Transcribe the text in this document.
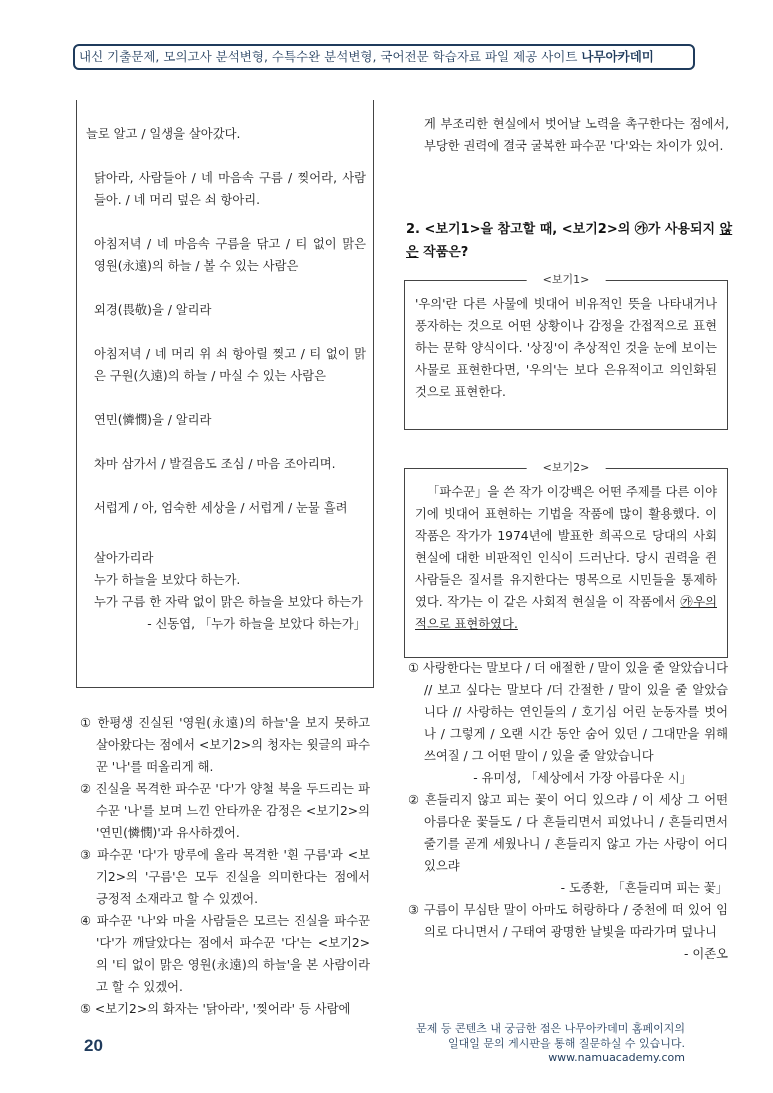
내신 기출문제, 모의고사 분석변형, 수특수완 분석변형, 국어전문 학습자료 파일 제공 사이트 나무아카데미

늘로 알고 / 일생을 살아갔다.

닭아라, 사람들아 / 네 마음속 구름 / 찢어라, 사람들아. / 네 머리 덮은 쇠 항아리.

아침저녁 / 네 마음속 구름을 닦고 / 티 없이 맑은 영원(永遠)의 하늘 / 볼 수 있는 사람은

외경(畏敬)을 / 알리라

아침저녁 / 네 머리 위 쇠 항아릴 찢고 / 티 없이 맑은 구원(久遠)의 하늘 / 마실 수 있는 사람은

연민(憐憫)을 / 알리라

차마 삼가서 / 발걸음도 조심 / 마음 조아리며.

서럽게 / 아, 엄숙한 세상을 / 서럽게 / 눈물 흘려

살아가리라

누가 하늘을 보았다 하는가.

누가 구름 한 자락 없이 맑은 하늘을 보았다 하는가

- 신동엽, 「누가 하늘을 보았다 하는가」

① 한평생 진실된 '영원(永遠)의 하늘'을 보지 못하고 살아왔다는 점에서 <보기2>의 청자는 윗글의 파수꾼 '나'를 떠올리게 해.
② 진실을 목격한 파수꾼 '다'가 양철 북을 두드리는 파수꾼 '나'를 보며 느낀 안타까운 감정은 <보기2>의 '연민(憐憫)'과 유사하겠어.
③ 파수꾼 '다'가 망루에 올라 목격한 '흰 구름'과 <보기2>의 '구름'은 모두 진실을 의미한다는 점에서 긍정적 소재라고 할 수 있겠어.
④ 파수꾼 '나'와 마을 사람들은 모르는 진실을 파수꾼 '다'가 깨달았다는 점에서 파수꾼 '다'는 <보기2>의 '티 없이 맑은 영원(永遠)의 하늘'을 본 사람이라고 할 수 있겠어.
⑤ <보기2>의 화자는 '닭아라', '찢어라' 등 사람에
게 부조리한 현실에서 벗어날 노력을 촉구한다는 점에서, 부당한 권력에 결국 굴복한 파수꾼 '다'와는 차이가 있어.
2. <보기1>을 참고할 때, <보기2>의 ㉮가 사용되지 않은 작품은?
<보기1>
'우의'란 다른 사물에 빗대어 비유적인 뜻을 나타내거나 풍자하는 것으로 어떤 상황이나 감정을 간접적으로 표현하는 문학 양식이다. '상징'이 추상적인 것을 눈에 보이는 사물로 표현한다면, '우의'는 보다 은유적이고 의인화된 것으로 표현한다.
<보기2>
「파수꾼」을 쓴 작가 이강백은 어떤 주제를 다른 이야기에 빗대어 표현하는 기법을 작품에 많이 활용했다. 이 작품은 작가가 1974년에 발표한 희곡으로 당대의 사회 현실에 대한 비판적인 인식이 드러난다. 당시 권력을 쥔 사람들은 질서를 유지한다는 명목으로 시민들을 통제하였다. 작가는 이 같은 사회적 현실을 이 작품에서 ㉮우의적으로 표현하였다.
① 사랑한다는 말보다 / 더 애절한 / 말이 있을 줄 알았습니다 // 보고 싶다는 말보다 /더 간절한 / 말이 있을 줄 알았습니다 // 사랑하는 연인들의 / 호기심 어린 눈동자를 벗어나 / 그렇게 / 오랜 시간 동안 숨어 있던 / 그대만을 위해 쓰여질 / 그 어떤 말이 / 있을 줄 알았습니다
- 유미성, 「세상에서 가장 아름다운 시」
② 흔들리지 않고 피는 꽃이 어디 있으랴 / 이 세상 그 어떤 아름다운 꽃들도 / 다 흔들리면서 피었나니 / 흔들리면서 줄기를 곧게 세웠나니 / 흔들리지 않고 가는 사랑이 어디 있으랴
- 도종환, 「흔들리며 피는 꽃」
③ 구름이 무심탄 말이 아마도 허랑하다 / 중천에 떠 있어 임의로 다니면서 / 구태여 광명한 날빛을 따라가며 덮나니
- 이존오
20
문제 등 콘텐츠 내 궁금한 점은 나무아카데미 홈페이지의
일대일 문의 게시판을 통해 질문하실 수 있습니다.
www.namuacademy.com
